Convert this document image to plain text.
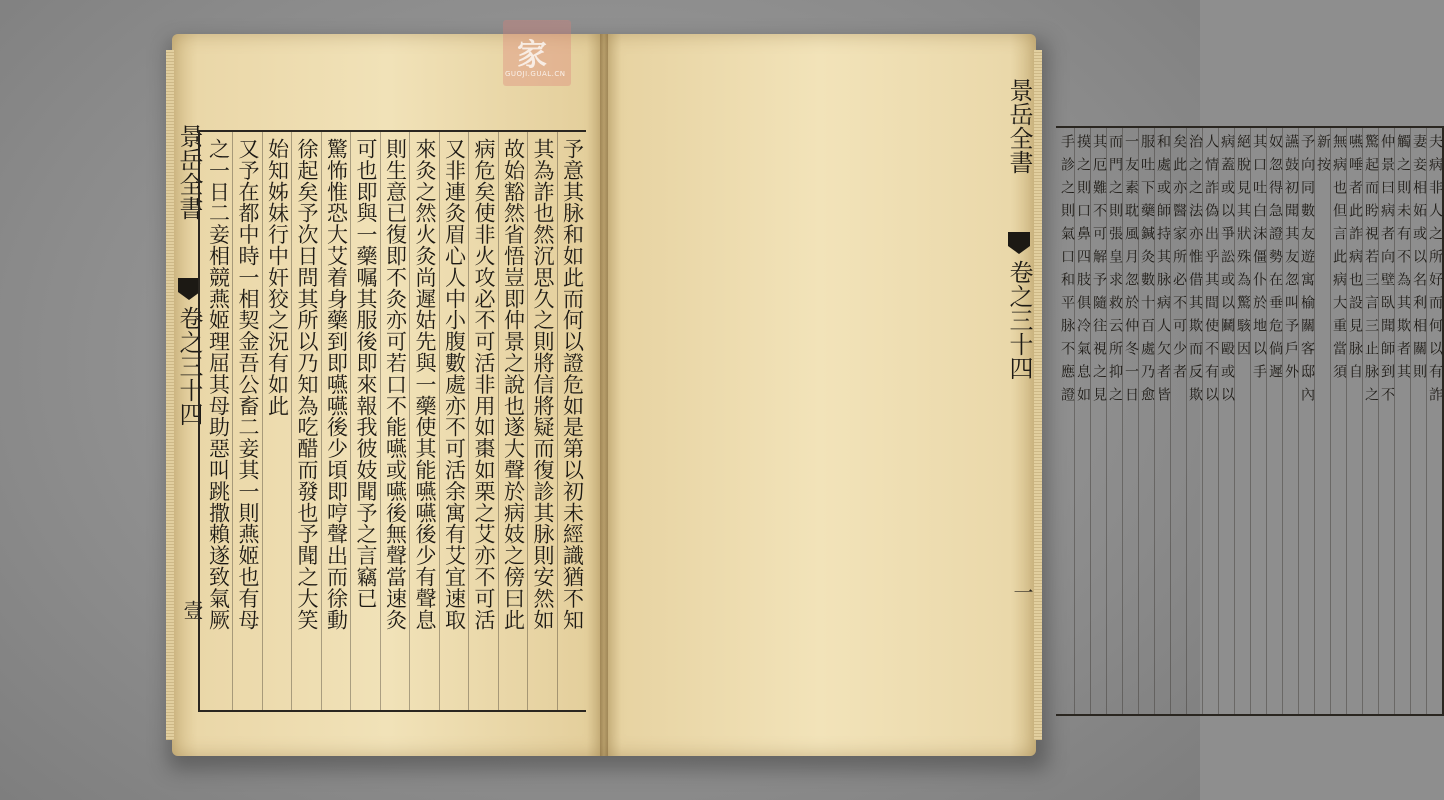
景岳全書
卷之三十四
壹	予意其脉和如此而何以證危如是第以初未經識猶不知
其為詐也然沉思久之則將信將疑而復診其脉則安然如
故始豁然省悟豈即仲景之說也遂大聲於病妓之傍曰此
病危矣使非火攻必不可活非用如棗如栗之艾亦不可活
又非連灸眉心人中小腹數處亦不可活余寓有艾宜速取
來灸之然火灸尚遲姑先與一藥使其能嚥嚥後少有聲息
則生意已復即不灸亦可若口不能嚥或嚥後無聲當速灸
可也即與一藥嘱其服後即來報我彼妓聞予之言竊已
驚怖惟恐大艾着身藥到即嚥嚥後少頃即哼聲出而徐動
徐起矣予次日問其所以乃知為吃醋而發也予聞之大笑
始知姊妹行中奸狡之況有如此
又予在都中時一相契金吾公畜二妾其一則燕姬也有母
之一日二妾相競燕姬理屈其母助惡叫跳撒賴遂致氣厥	夫病非人之所好而何以有詐
妻妾相妬或以名利相關則
觸之則未有不為其欺者其
仲景曰病者向壁臥聞師到不
驚起而盻視若三言三止脉之
嚥唾者此詐病也設見脉自
無病也但言此病大重當須
新按
予向同數友遊寓榆關客邸內
讌鼓初聞其友忽叫予戶外
奴忽得急證勢在垂危倘遲
其口吐白沫僵仆於地以手
絕脫見其狀殊為驚駭因
病蓋或以爭訟或以鬭毆或以
人情詐偽出乎其間使不有以
治之之法亦惟借其欺而反欺
矣此亦醫家所必不可少者
和處或師持其脉病人欠者皆
服吐下藥鍼灸數十百處乃愈
一友素耽風月忽於仲冬一日
而門之則張皇求救云所抑之
其厄難不可解予隨往視之見
摸之則口鼻四肢俱冷氣息如
手診之則氣口和平脉不應證
景岳全書
卷之三十四
一
家
GUOJI.GUAL.CN
